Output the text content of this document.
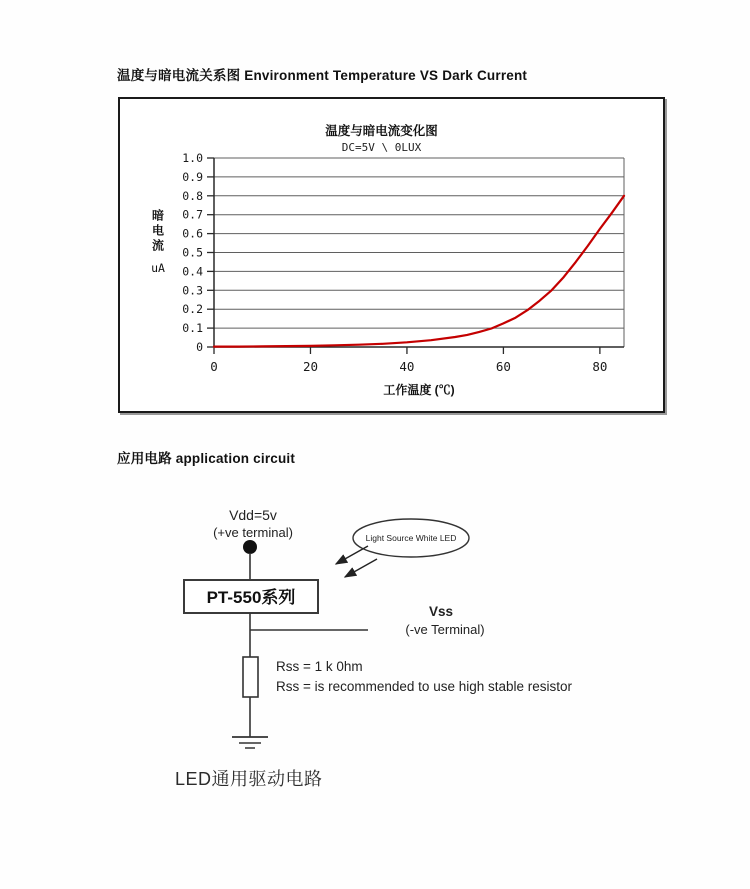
温度与暗电流关系图 Environment Temperature VS Dark Current
温度与暗电流变化图
DC=5V \ 0LUX
暗电流
uA
0
0.1
0.2
0.3
0.4
0.5
0.6
0.7
0.8
0.9
1.0
0	20	40	60	80
工作温度 (℃)
应用电路 application circuit
Vdd=5v
(+ve terminal)
PT-550系列
Light Source White LED
Vss
(-ve Terminal)
Rss = 1 k 0hm
Rss = is recommended to use high stable resistor
LED通用驱动电路
